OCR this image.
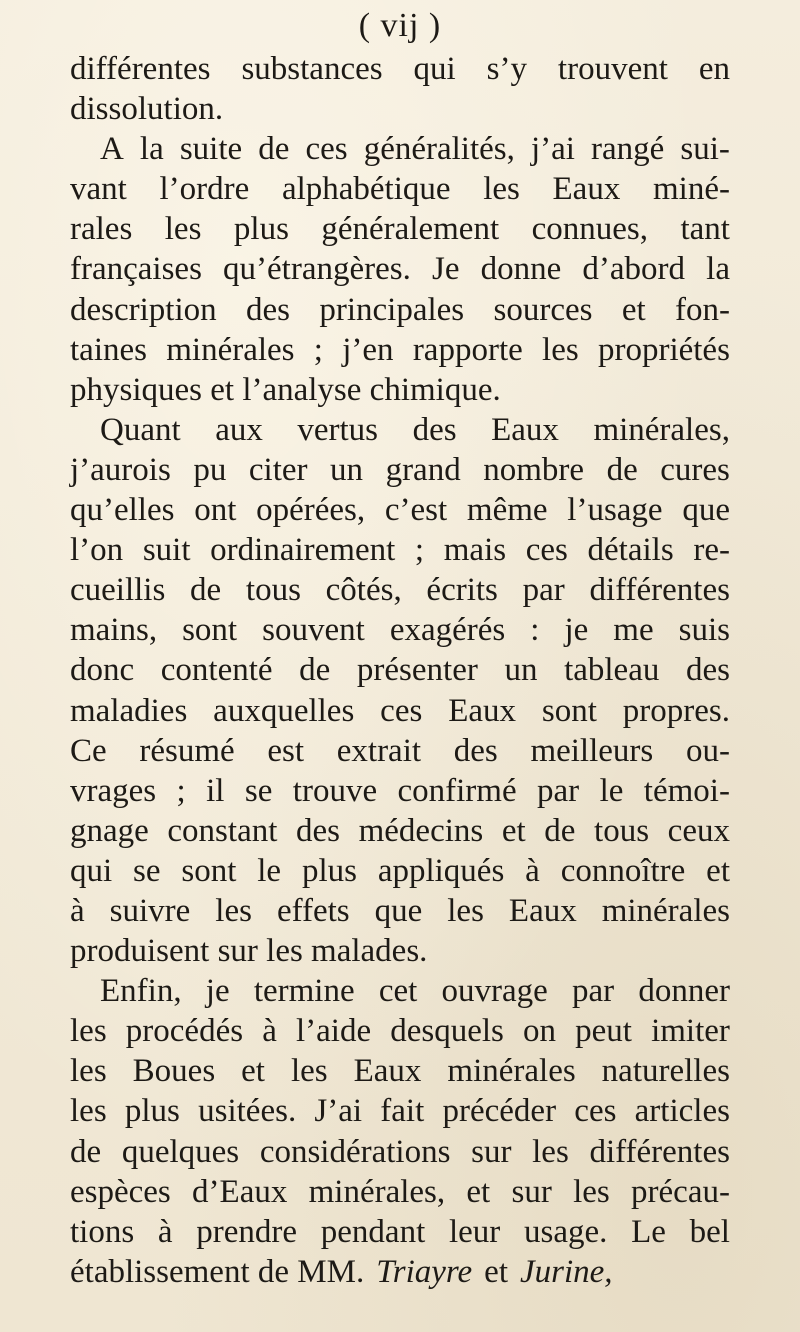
( vij )
différentes substances qui s’y trouvent en
dissolution.
A la suite de ces généralités, j’ai rangé sui-
vant l’ordre alphabétique les Eaux miné-
rales les plus généralement connues, tant
françaises qu’étrangères. Je donne d’abord la
description des principales sources et fon-
taines minérales ; j’en rapporte les propriétés
physiques et l’analyse chimique.
Quant aux vertus des Eaux minérales,
j’aurois pu citer un grand nombre de cures
qu’elles ont opérées, c’est même l’usage que
l’on suit ordinairement ; mais ces détails re-
cueillis de tous côtés, écrits par différentes
mains, sont souvent exagérés : je me suis
donc contenté de présenter un tableau des
maladies auxquelles ces Eaux sont propres.
Ce résumé est extrait des meilleurs ou-
vrages ; il se trouve confirmé par le témoi-
gnage constant des médecins et de tous ceux
qui se sont le plus appliqués à connoître et
à suivre les effets que les Eaux minérales
produisent sur les malades.
Enfin, je termine cet ouvrage par donner
les procédés à l’aide desquels on peut imiter
les Boues et les Eaux minérales naturelles
les plus usitées. J’ai fait précéder ces articles
de quelques considérations sur les différentes
espèces d’Eaux minérales, et sur les précau-
tions à prendre pendant leur usage. Le bel
établissement de MM. Triayre et Jurine,
